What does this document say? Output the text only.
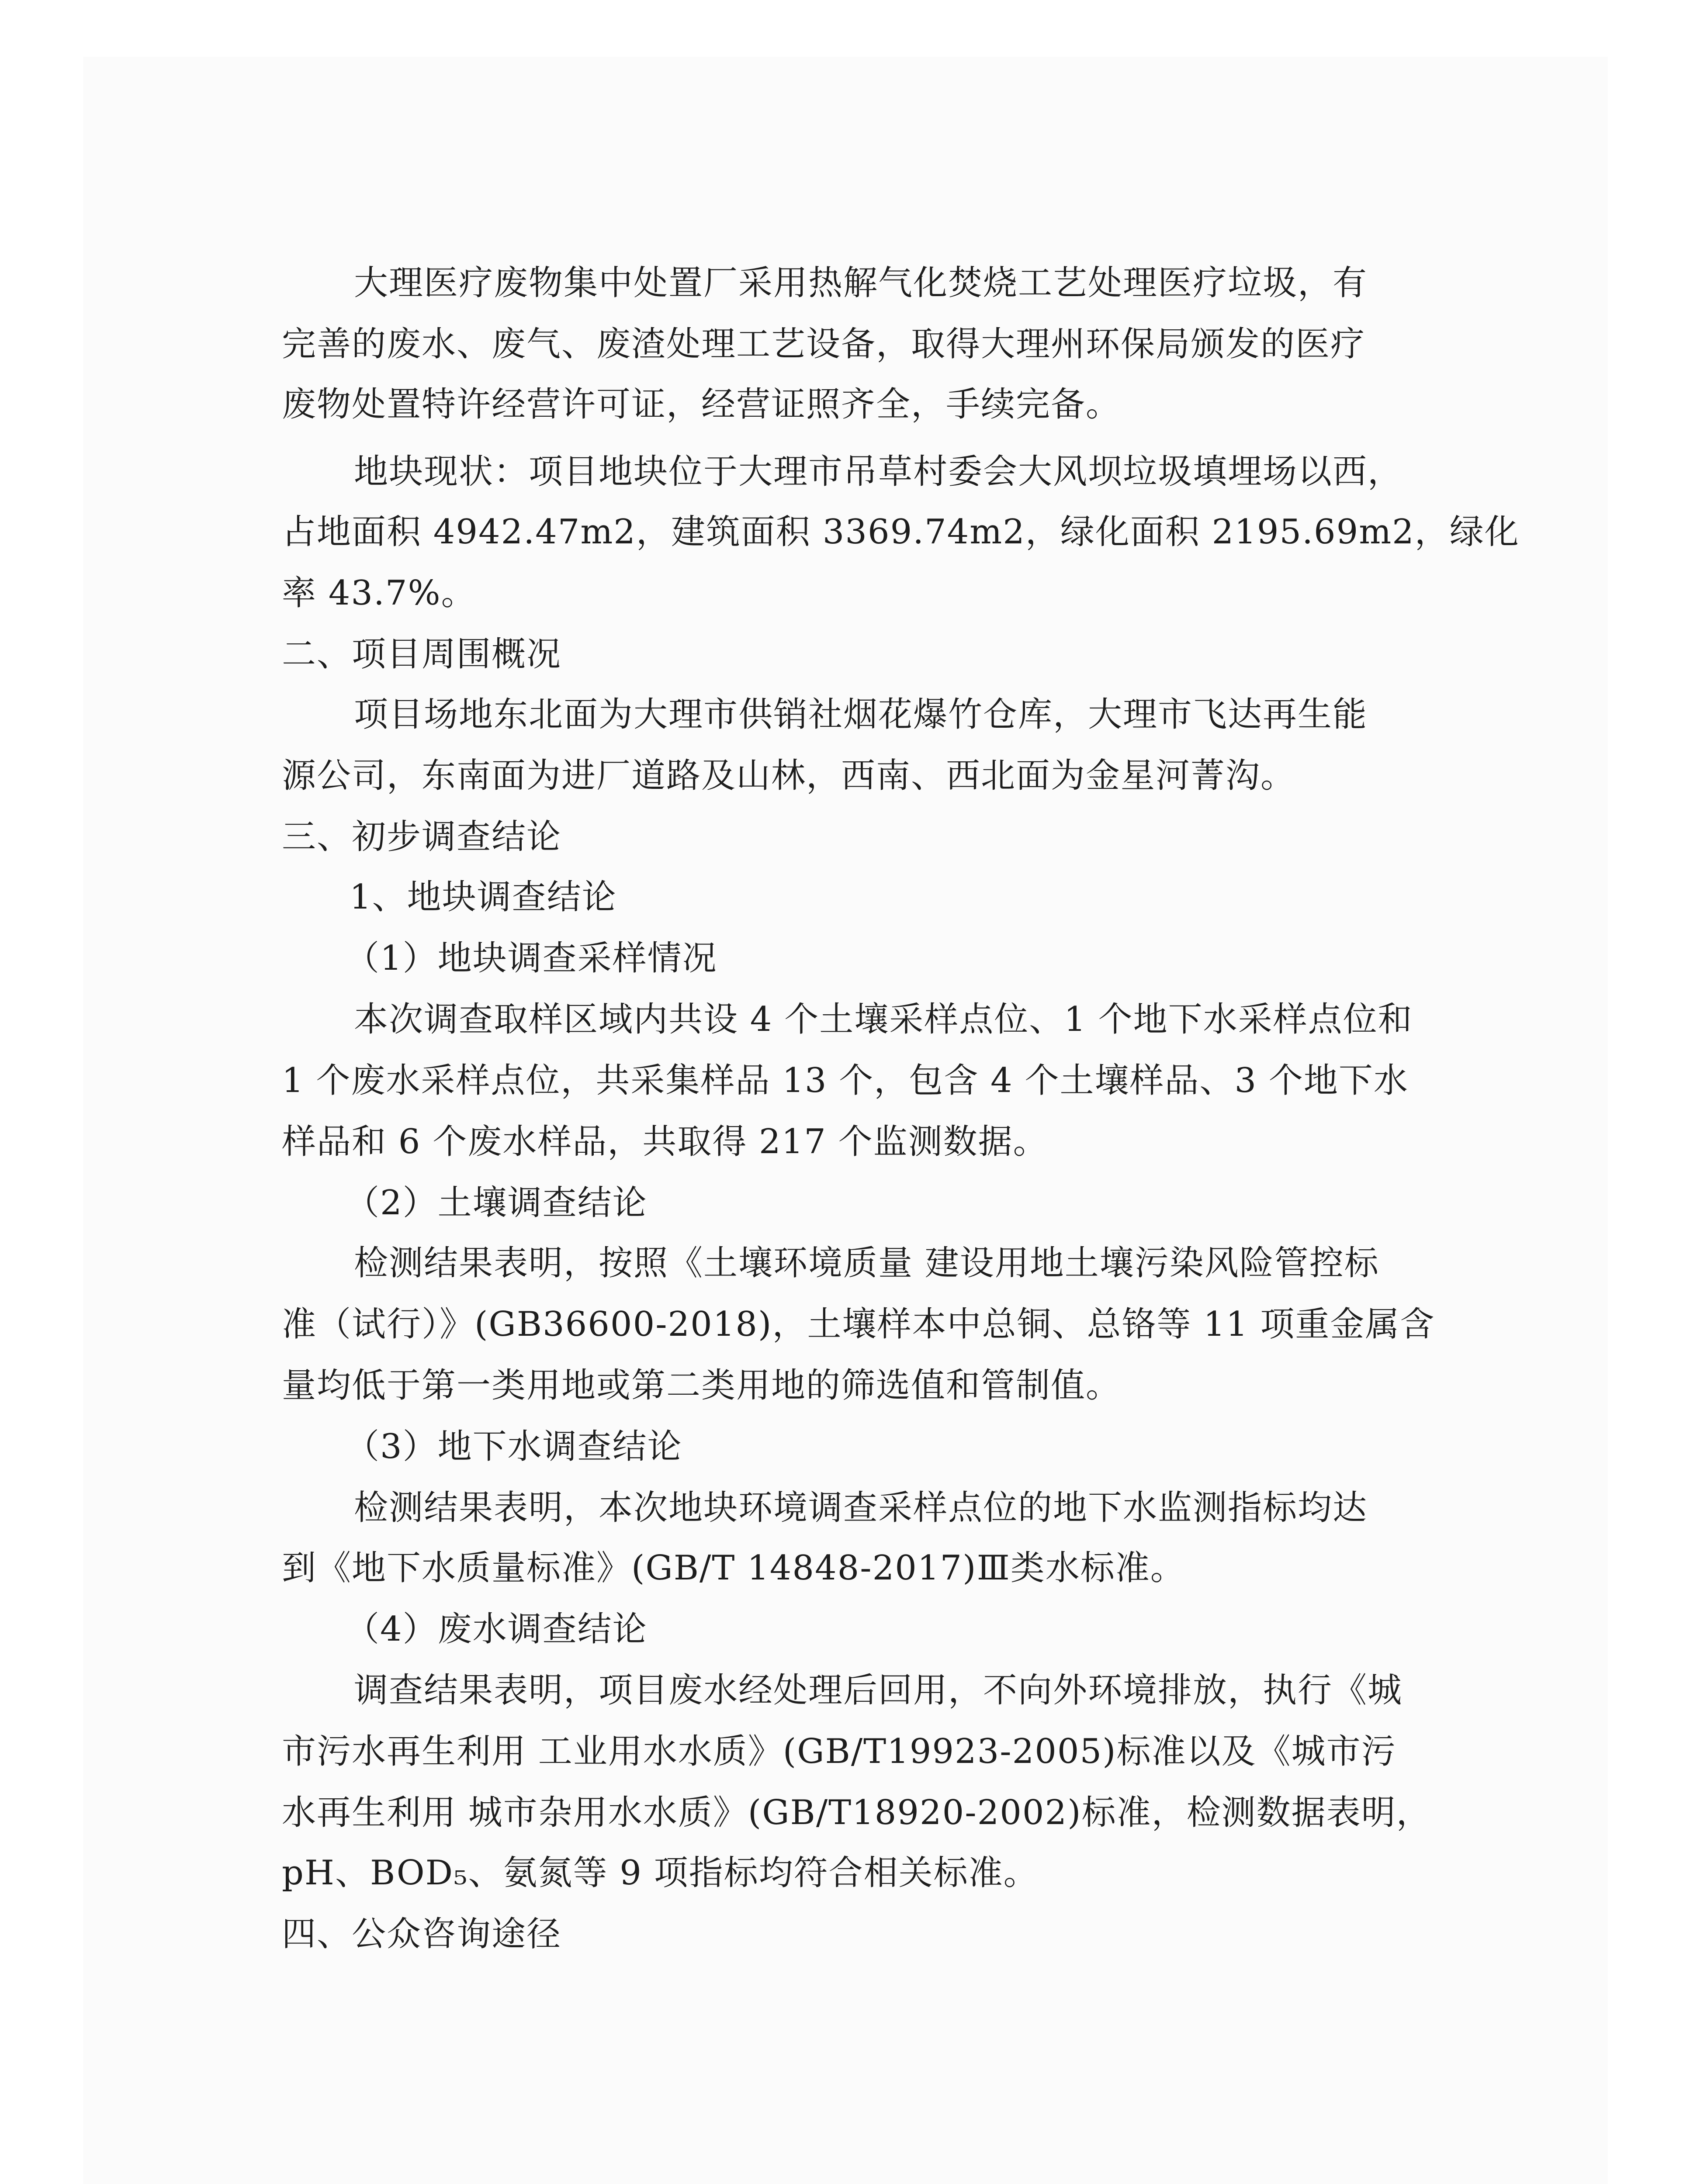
大理医疗废物集中处置厂采用热解气化焚烧工艺处理医疗垃圾，有

完善的废水、废气、废渣处理工艺设备，取得大理州环保局颁发的医疗

废物处置特许经营许可证，经营证照齐全，手续完备。

地块现状：项目地块位于大理市吊草村委会大风坝垃圾填埋场以西，

占地面积 4942.47m2，建筑面积 3369.74m2，绿化面积 2195.69m2，绿化

率 43.7%。

二、项目周围概况

项目场地东北面为大理市供销社烟花爆竹仓库，大理市飞达再生能

源公司，东南面为进厂道路及山林，西南、西北面为金星河菁沟。

三、初步调查结论

1、地块调查结论

（1）地块调查采样情况

本次调查取样区域内共设 4 个土壤采样点位、1 个地下水采样点位和

1 个废水采样点位，共采集样品 13 个，包含 4 个土壤样品、3 个地下水

样品和 6 个废水样品，共取得 217 个监测数据。

（2）土壤调查结论

检测结果表明，按照《土壤环境质量 建设用地土壤污染风险管控标

准（试行）》(GB36600-2018)，土壤样本中总铜、总铬等 11 项重金属含

量均低于第一类用地或第二类用地的筛选值和管制值。

（3）地下水调查结论

检测结果表明，本次地块环境调查采样点位的地下水监测指标均达

到《地下水质量标准》(GB/T 14848-2017)Ⅲ类水标准。

（4）废水调查结论

调查结果表明，项目废水经处理后回用，不向外环境排放，执行《城

市污水再生利用 工业用水水质》(GB/T19923-2005)标准以及《城市污

水再生利用 城市杂用水水质》(GB/T18920-2002)标准，检测数据表明，

pH、BOD₅、氨氮等 9 项指标均符合相关标准。

四、公众咨询途径
